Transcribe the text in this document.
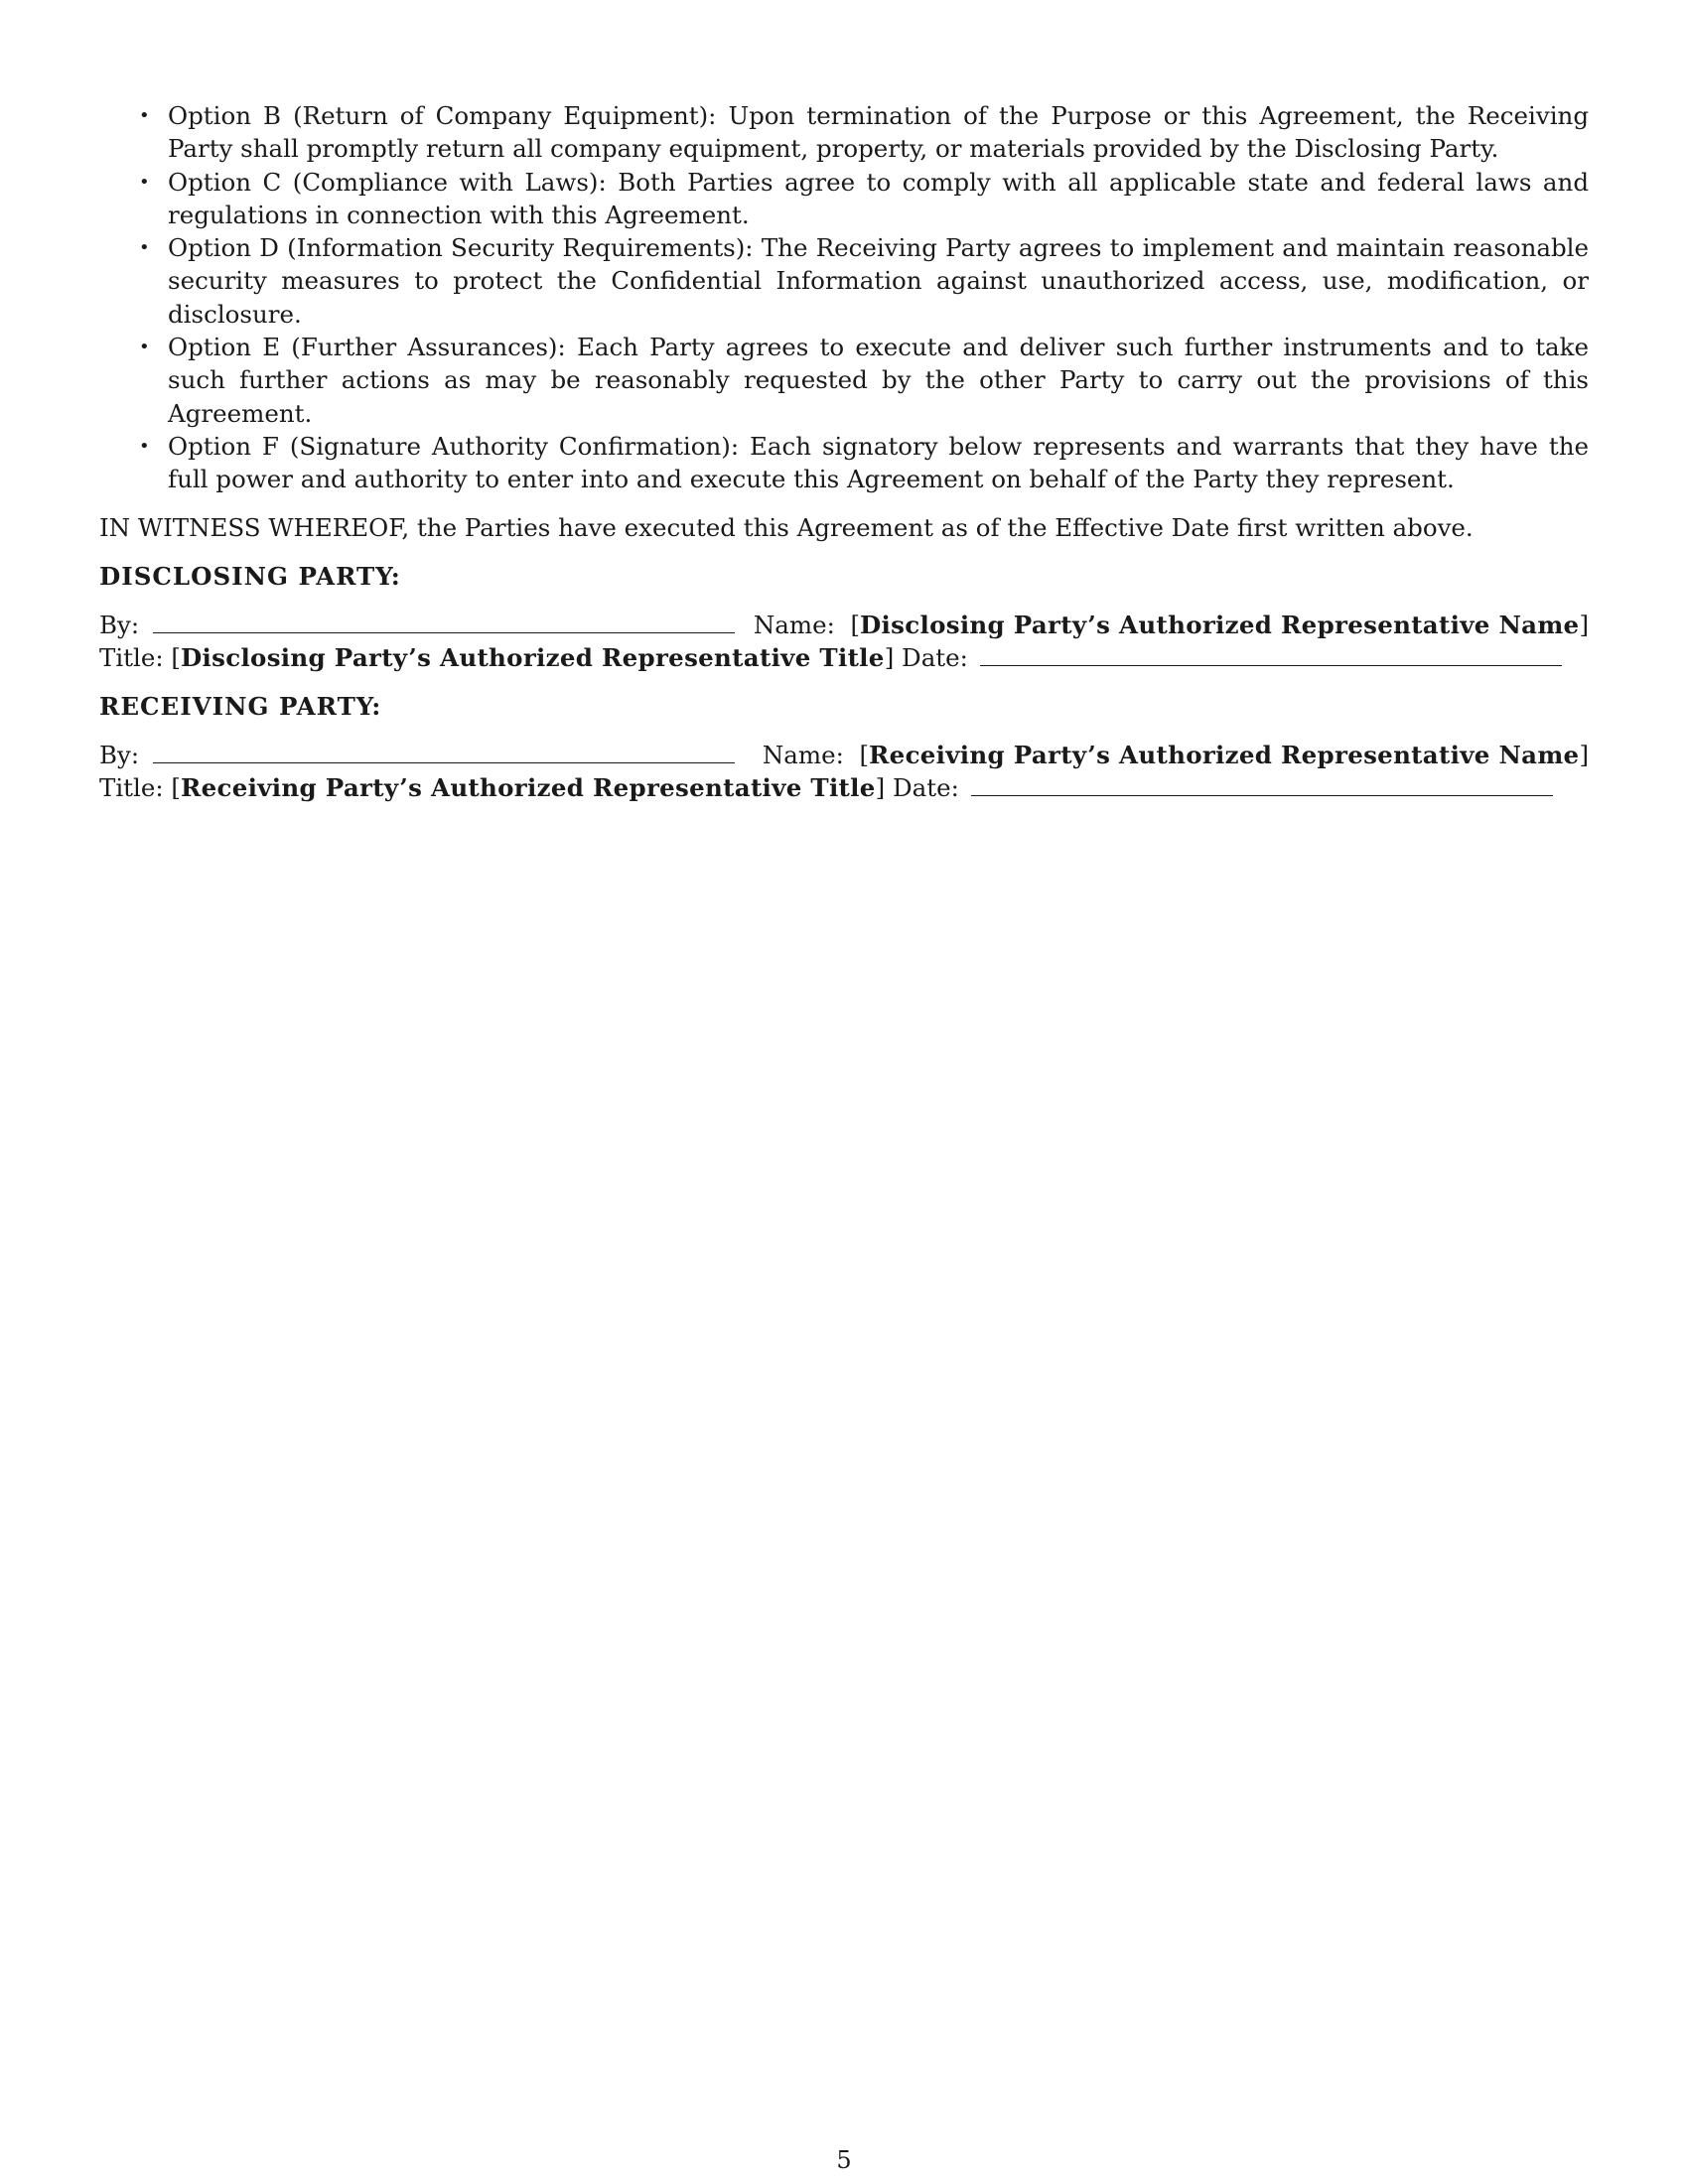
• Option B (Return of Company Equipment): Upon termination of the Purpose or this Agreement, the Receiving Party shall promptly return all company equipment, property, or materials provided by the Disclosing Party.
• Option C (Compliance with Laws): Both Parties agree to comply with all applicable state and federal laws and regulations in connection with this Agreement.
• Option D (Information Security Requirements): The Receiving Party agrees to implement and maintain reasonable security measures to protect the Confidential Information against unauthorized access, use, modification, or disclosure.
• Option E (Further Assurances): Each Party agrees to execute and deliver such further instruments and to take such further actions as may be reasonably requested by the other Party to carry out the provisions of this Agreement.
• Option F (Signature Authority Confirmation): Each signatory below represents and warrants that they have the full power and authority to enter into and execute this Agreement on behalf of the Party they represent.
IN WITNESS WHEREOF, the Parties have executed this Agreement as of the Effective Date first written above.
DISCLOSING PARTY:
By:	Name:  [Disclosing Party’s Authorized Representative Name]
Title: [Disclosing Party’s Authorized Representative Title] Date:
RECEIVING PARTY:
By:	Name:  [Receiving Party’s Authorized Representative Name]
Title: [Receiving Party’s Authorized Representative Title] Date:
5
